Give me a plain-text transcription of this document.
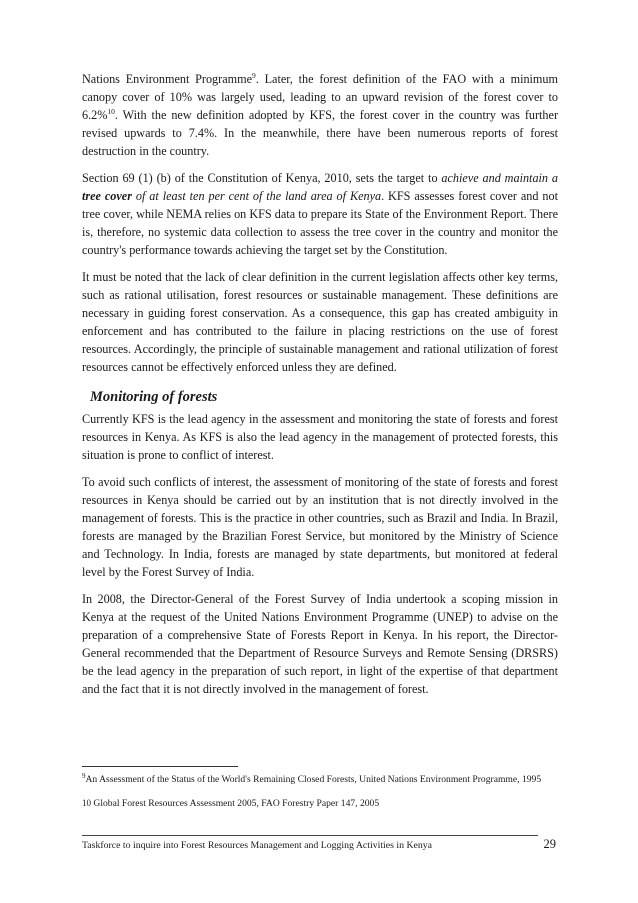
Nations Environment Programme$^9$. Later, the forest definition of the FAO with a minimum canopy cover of 10% was largely used, leading to an upward revision of the forest cover to 6.2%$^{10}$. With the new definition adopted by KFS, the forest cover in the country was further revised upwards to 7.4%. In the meanwhile, there have been numerous reports of forest destruction in the country.

Section 69 (1) (b) of the Constitution of Kenya, 2010, sets the target to achieve and maintain a tree cover of at least ten per cent of the land area of Kenya. KFS assesses forest cover and not tree cover, while NEMA relies on KFS data to prepare its State of the Environment Report. There is, therefore, no systemic data collection to assess the tree cover in the country and monitor the country's performance towards achieving the target set by the Constitution.

It must be noted that the lack of clear definition in the current legislation affects other key terms, such as rational utilisation, forest resources or sustainable management. These definitions are necessary in guiding forest conservation. As a consequence, this gap has created ambiguity in enforcement and has contributed to the failure in placing restrictions on the use of forest resources. Accordingly, the principle of sustainable management and rational utilization of forest resources cannot be effectively enforced unless they are defined.

Monitoring of forests

Currently KFS is the lead agency in the assessment and monitoring the state of forests and forest resources in Kenya. As KFS is also the lead agency in the management of protected forests, this situation is prone to conflict of interest.

To avoid such conflicts of interest, the assessment of monitoring of the state of forests and forest resources in Kenya should be carried out by an institution that is not directly involved in the management of forests. This is the practice in other countries, such as Brazil and India. In Brazil, forests are managed by the Brazilian Forest Service, but monitored by the Ministry of Science and Technology. In India, forests are managed by state departments, but monitored at federal level by the Forest Survey of India.

In 2008, the Director-General of the Forest Survey of India undertook a scoping mission in Kenya at the request of the United Nations Environment Programme (UNEP) to advise on the preparation of a comprehensive State of Forests Report in Kenya. In his report, the Director-General recommended that the Department of Resource Surveys and Remote Sensing (DRSRS) be the lead agency in the preparation of such report, in light of the expertise of that department and the fact that it is not directly involved in the management of forest.

$^9$An Assessment of the Status of the World's Remaining Closed Forests, United Nations Environment Programme, 1995

10 Global Forest Resources Assessment 2005, FAO Forestry Paper 147, 2005

Taskforce to inquire into Forest Resources Management and Logging Activities in Kenya	29
